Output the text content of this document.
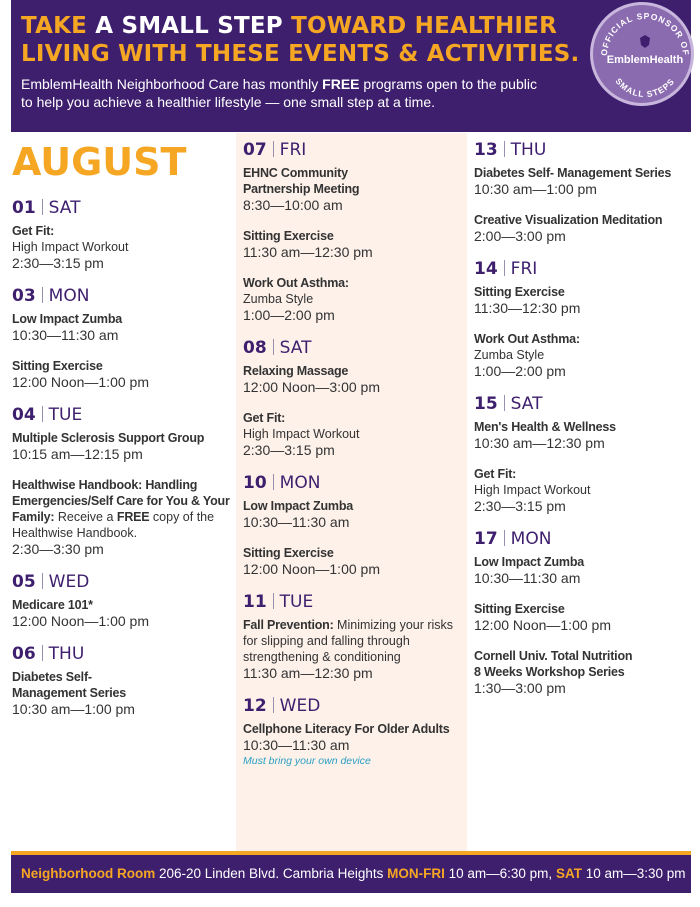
TAKE A SMALL STEP TOWARD HEALTHIER
LIVING WITH THESE EVENTS & ACTIVITIES.
EmblemHealth Neighborhood Care has monthly FREE programs open to the public to help you achieve a healthier lifestyle — one small step at a time.
OFFICIAL SPONSOR OF
EmblemHealth
SMALL STEPS
AUGUST
01 SAT
Get Fit:
High Impact Workout
2:30—3:15 pm
03 MON
Low Impact Zumba
10:30—11:30 am
Sitting Exercise
12:00 Noon—1:00 pm
04 TUE
Multiple Sclerosis Support Group
10:15 am—12:15 pm
Healthwise Handbook: Handling Emergencies/Self Care for You & Your Family: Receive a FREE copy of the Healthwise Handbook.
2:30—3:30 pm
05 WED
Medicare 101*
12:00 Noon—1:00 pm
06 THU
Diabetes Self-Management Series
10:30 am—1:00 pm
07 FRI
EHNC Community Partnership Meeting
8:30—10:00 am
Sitting Exercise
11:30 am—12:30 pm
Work Out Asthma:
Zumba Style
1:00—2:00 pm
08 SAT
Relaxing Massage
12:00 Noon—3:00 pm
Get Fit:
High Impact Workout
2:30—3:15 pm
10 MON
Low Impact Zumba
10:30—11:30 am
Sitting Exercise
12:00 Noon—1:00 pm
11 TUE
Fall Prevention: Minimizing your risks for slipping and falling through strengthening & conditioning
11:30 am—12:30 pm
12 WED
Cellphone Literacy For Older Adults
10:30—11:30 am
Must bring your own device
13 THU
Diabetes Self- Management Series
10:30 am—1:00 pm
Creative Visualization Meditation
2:00—3:00 pm
14 FRI
Sitting Exercise
11:30—12:30 pm
Work Out Asthma:
Zumba Style
1:00—2:00 pm
15 SAT
Men's Health & Wellness
10:30 am—12:30 pm
Get Fit:
High Impact Workout
2:30—3:15 pm
17 MON
Low Impact Zumba
10:30—11:30 am
Sitting Exercise
12:00 Noon—1:00 pm
Cornell Univ. Total Nutrition 8 Weeks Workshop Series
1:30—3:00 pm
Neighborhood Room 206-20 Linden Blvd. Cambria Heights MON-FRI 10 am—6:30 pm, SAT 10 am—3:30 pm
